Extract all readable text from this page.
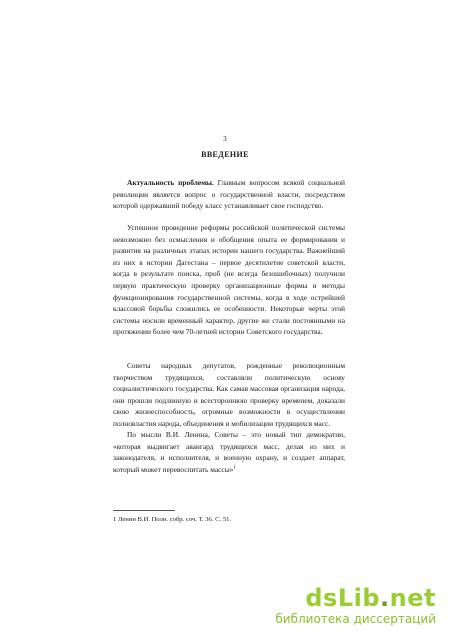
3
ВВЕДЕНИЕ

Актуальность проблемы. Главным вопросом всякой социальной революции является вопрос о государственной власти, посредством которой одержавший победу класс устанавливает свое господство.

Успешное проведение реформы российской политической системы невозможно без осмысления и обобщения опыта ее формирования и развития на различных этапах истории нашего государства. Важнейший из них в истории Дагестана – первое десятилетие советской власти, когда в результате поиска, проб (не всегда безошибочных) получили первую практическую проверку организационные формы и методы функционирования государственной системы, когда в ходе острейшей классовой борьбы сложились ее особенности. Некоторые черты этой системы носили временный характер, другие же стали постоянными на протяжении более чем 70-летней истории Советского государства.

Советы народных депутатов, рожденные революционным творчеством трудящихся, составляли политическую основу социалистического государства. Как самая массовая организация народа, они прошли подлинную и всестороннюю проверку временем, доказали свою жизнеспособность, огромные возможности в осуществлении полновластия народа, объединения и мобилизации трудящихся масс.

По мысли В.И. Ленина, Советы – это новый тип демократии, «которая выдвигает авангард трудящихся масс, делая из них и законодателя, и исполнителя, и военную охрану, и создает аппарат, который может перевоспитать массы»$^1$

1 Ленин В.И. Полн. собр. соч. Т. 36. С. 51.
dsLib.net
библиотека диссертаций
